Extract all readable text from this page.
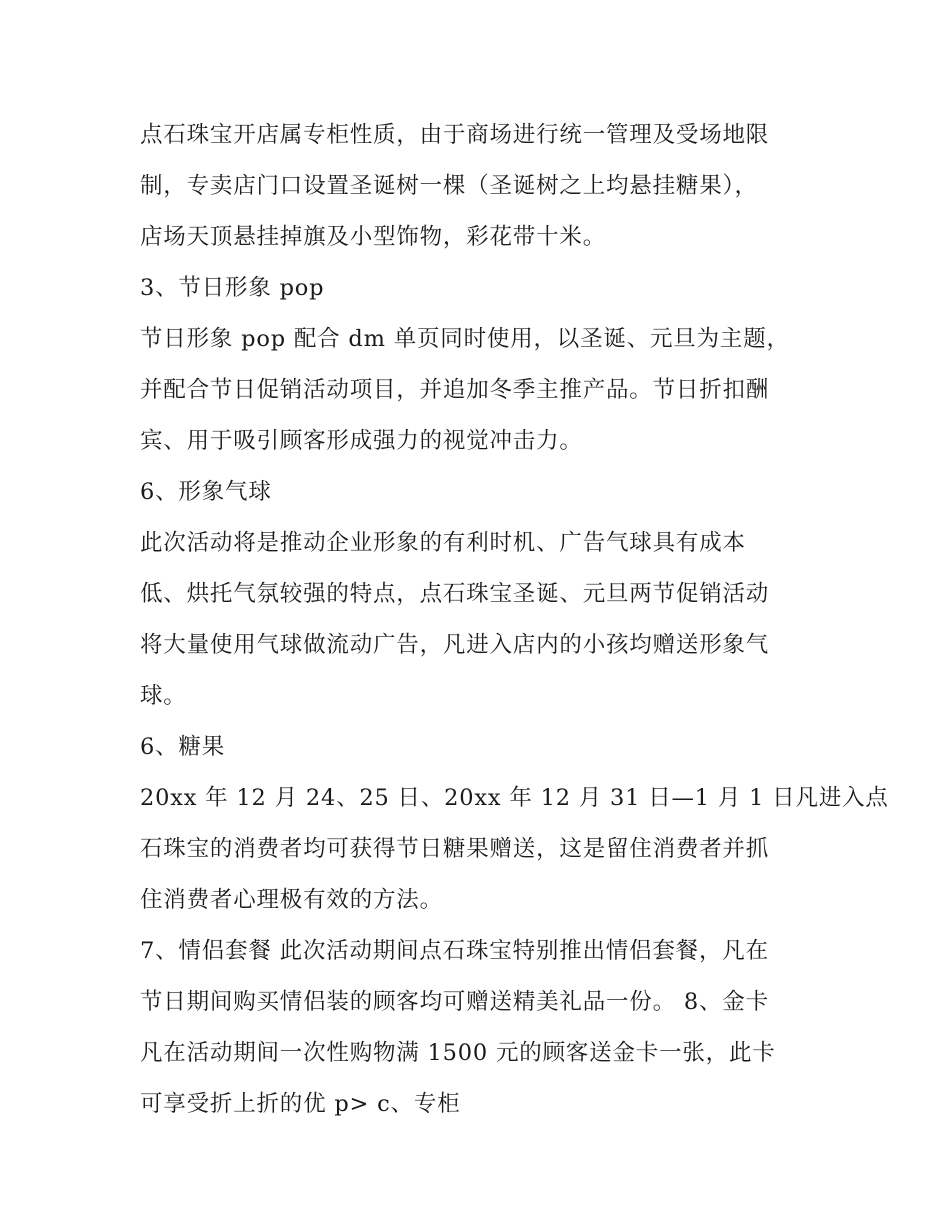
点石珠宝开店属专柜性质，由于商场进行统一管理及受场地限
制，专卖店门口设置圣诞树一棵（圣诞树之上均悬挂糖果），
店场天顶悬挂掉旗及小型饰物，彩花带十米。
3、节日形象 pop
节日形象 pop 配合 dm 单页同时使用，以圣诞、元旦为主题，
并配合节日促销活动项目，并追加冬季主推产品。节日折扣酬
宾、用于吸引顾客形成强力的视觉冲击力。
6、形象气球
此次活动将是推动企业形象的有利时机、广告气球具有成本
低、烘托气氛较强的特点，点石珠宝圣诞、元旦两节促销活动
将大量使用气球做流动广告，凡进入店内的小孩均赠送形象气
球。
6、糖果
20xx 年 12 月 24、25 日、20xx 年 12 月 31 日—1 月 1 日凡进入点
石珠宝的消费者均可获得节日糖果赠送，这是留住消费者并抓
住消费者心理极有效的方法。
7、情侣套餐 此次活动期间点石珠宝特别推出情侣套餐，凡在
节日期间购买情侣装的顾客均可赠送精美礼品一份。 8、金卡
凡在活动期间一次性购物满 1500 元的顾客送金卡一张，此卡
可享受折上折的优 p> c、专柜
